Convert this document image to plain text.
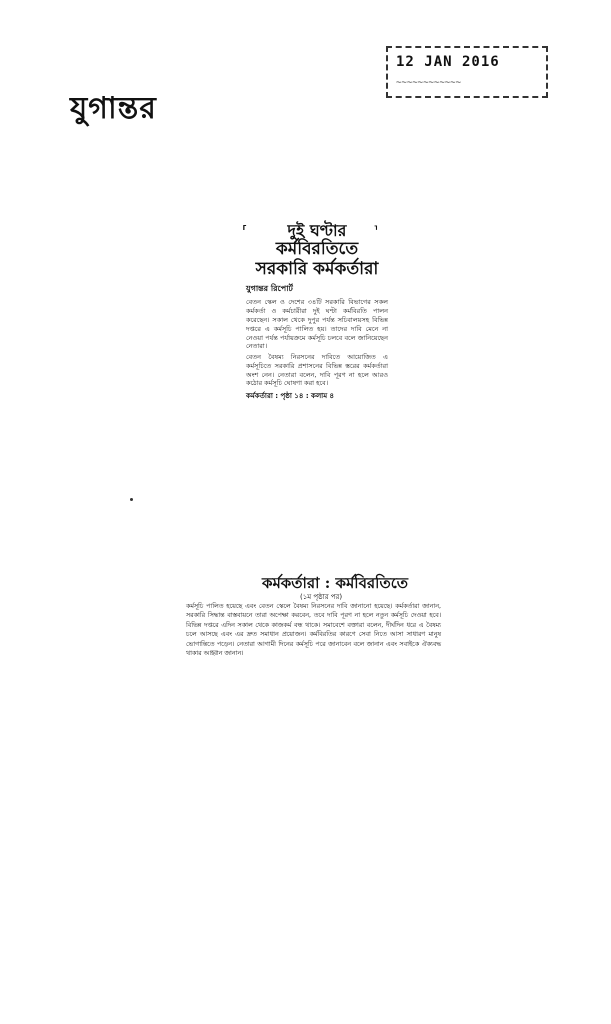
যুগান্তর
12 JAN 2016
~~~~~~~~~~~~
⸢	⸣
দুই ঘণ্টার
কর্মবিরতিতে
সরকারি কর্মকর্তারা
যুগান্তর রিপোর্ট
বেতন স্কেল ও দেশের ৩৪টি সরকারি বিভাগের সকল কর্মকর্তা ও কর্মচারীরা দুই ঘণ্টা কর্মবিরতি পালন করেছেন। সকাল থেকে দুপুর পর্যন্ত সচিবালয়সহ বিভিন্ন দপ্তরে এ কর্মসূচি পালিত হয়। তাদের দাবি মেনে না নেওয়া পর্যন্ত পর্যায়ক্রমে কর্মসূচি চলবে বলে জানিয়েছেন নেতারা।
বেতন বৈষম্য নিরসনের দাবিতে আয়োজিত এ কর্মসূচিতে সরকারি প্রশাসনের বিভিন্ন স্তরের কর্মকর্তারা অংশ নেন। নেতারা বলেন, দাবি পূরণ না হলে আরও কঠোর কর্মসূচি ঘোষণা করা হবে।
কর্মকর্তারা : পৃষ্ঠা ১৪ : কলাম ৪
কর্মকর্তারা : কর্মবিরতিতে
(১ম পৃষ্ঠার পর)
কর্মসূচি পালিত হয়েছে এবং বেতন স্কেলে বৈষম্য নিরসনের দাবি জানানো হয়েছে। কর্মকর্তারা জানান, সরকারি সিদ্ধান্ত বাস্তবায়নে তারা অপেক্ষা করবেন, তবে দাবি পূরণ না হলে নতুন কর্মসূচি দেওয়া হবে। বিভিন্ন দপ্তরে এদিন সকাল থেকে কাজকর্ম বন্ধ থাকে। সমাবেশে বক্তারা বলেন, দীর্ঘদিন ধরে এ বৈষম্য চলে আসছে এবং এর দ্রুত সমাধান প্রয়োজন। কর্মবিরতির কারণে সেবা নিতে আসা সাধারণ মানুষ ভোগান্তিতে পড়েন। নেতারা আগামী দিনের কর্মসূচি পরে জানাবেন বলে জানান এবং সবাইকে ঐক্যবদ্ধ থাকার আহ্বান জানান।
